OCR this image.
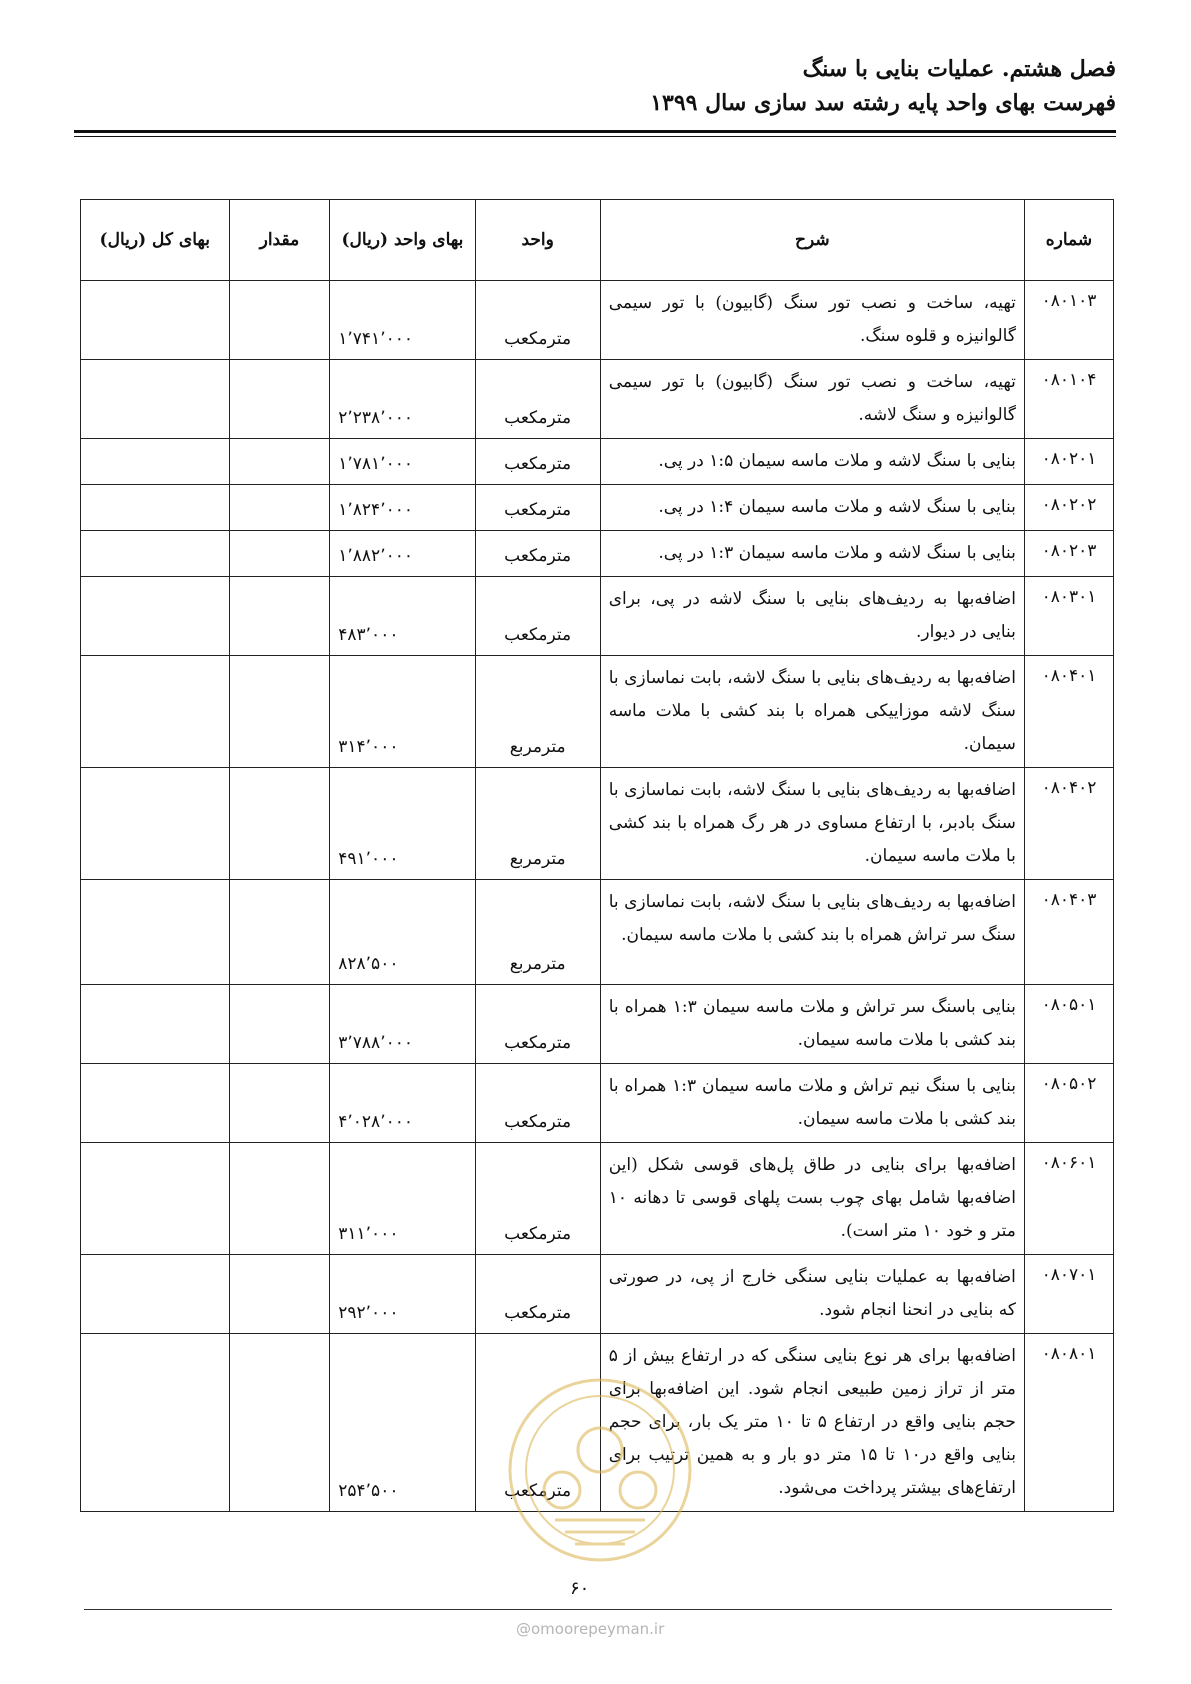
فصل هشتم. عملیات بنایی با سنگ
فهرست بهای واحد پایه رشته سد سازی سال ۱۳۹۹
شماره	شرح	واحد	بهای واحد (ریال)	مقدار	بهای کل (ریال)
۰۸۰۱۰۳	تهیه، ساخت و نصب تور سنگ (گابیون) با تور سیمی گالوانیزه و قلوه سنگ.	مترمکعب	۱٬۷۴۱٬۰۰۰		
۰۸۰۱۰۴	تهیه، ساخت و نصب تور سنگ (گابیون) با تور سیمی گالوانیزه و سنگ لاشه.	مترمکعب	۲٬۲۳۸٬۰۰۰		
۰۸۰۲۰۱	بنایی با سنگ لاشه و ملات ماسه سیمان ۱:۵ در پی.	مترمکعب	۱٬۷۸۱٬۰۰۰		
۰۸۰۲۰۲	بنایی با سنگ لاشه و ملات ماسه سیمان ۱:۴ در پی.	مترمکعب	۱٬۸۲۴٬۰۰۰		
۰۸۰۲۰۳	بنایی با سنگ لاشه و ملات ماسه سیمان ۱:۳ در پی.	مترمکعب	۱٬۸۸۲٬۰۰۰		
۰۸۰۳۰۱	اضافه‌بها به ردیف‌های بنایی با سنگ لاشه در پی، برای بنایی در دیوار.	مترمکعب	۴۸۳٬۰۰۰		
۰۸۰۴۰۱	اضافه‌بها به ردیف‌های بنایی با سنگ لاشه، بابت نماسازی با سنگ لاشه موزاییکی همراه با بند کشی با ملات ماسه سیمان.	مترمربع	۳۱۴٬۰۰۰		
۰۸۰۴۰۲	اضافه‌بها به ردیف‌های بنایی با سنگ لاشه، بابت نماسازی با سنگ بادبر، با ارتفاع مساوی در هر رگ همراه با بند کشی با ملات ماسه سیمان.	مترمربع	۴۹۱٬۰۰۰		
۰۸۰۴۰۳	اضافه‌بها به ردیف‌های بنایی با سنگ لاشه، بابت نماسازی با سنگ سر تراش همراه با بند کشی با ملات ماسه سیمان.	مترمربع	۸۲۸٬۵۰۰		
۰۸۰۵۰۱	بنایی باسنگ سر تراش و ملات ماسه سیمان ۱:۳ همراه با بند کشی با ملات ماسه سیمان.	مترمکعب	۳٬۷۸۸٬۰۰۰		
۰۸۰۵۰۲	بنایی با سنگ نیم تراش و ملات ماسه سیمان ۱:۳ همراه با بند کشی با ملات ماسه سیمان.	مترمکعب	۴٬۰۲۸٬۰۰۰		
۰۸۰۶۰۱	اضافه‌بها برای بنایی در طاق پل‌های قوسی شکل (این اضافه‌بها شامل بهای چوب بست پلهای قوسی تا دهانه ۱۰ متر و خود ۱۰ متر است).	مترمکعب	۳۱۱٬۰۰۰		
۰۸۰۷۰۱	اضافه‌بها به عملیات بنایی سنگی خارج از پی، در صورتی که بنایی در انحنا انجام شود.	مترمکعب	۲۹۲٬۰۰۰		
۰۸۰۸۰۱	اضافه‌بها برای هر نوع بنایی سنگی که در ارتفاع بیش از ۵ متر از تراز زمین طبیعی انجام شود. این اضافه‌بها برای حجم بنایی واقع در ارتفاع ۵ تا ۱۰ متر یک بار، برای حجم بنایی واقع در۱۰ تا ۱۵ متر دو بار و به همین ترتیب برای ارتفاع‌های بیشتر پرداخت می‌شود.	مترمکعب	۲۵۴٬۵۰۰		
۶۰
@omoorepeyman.ir
